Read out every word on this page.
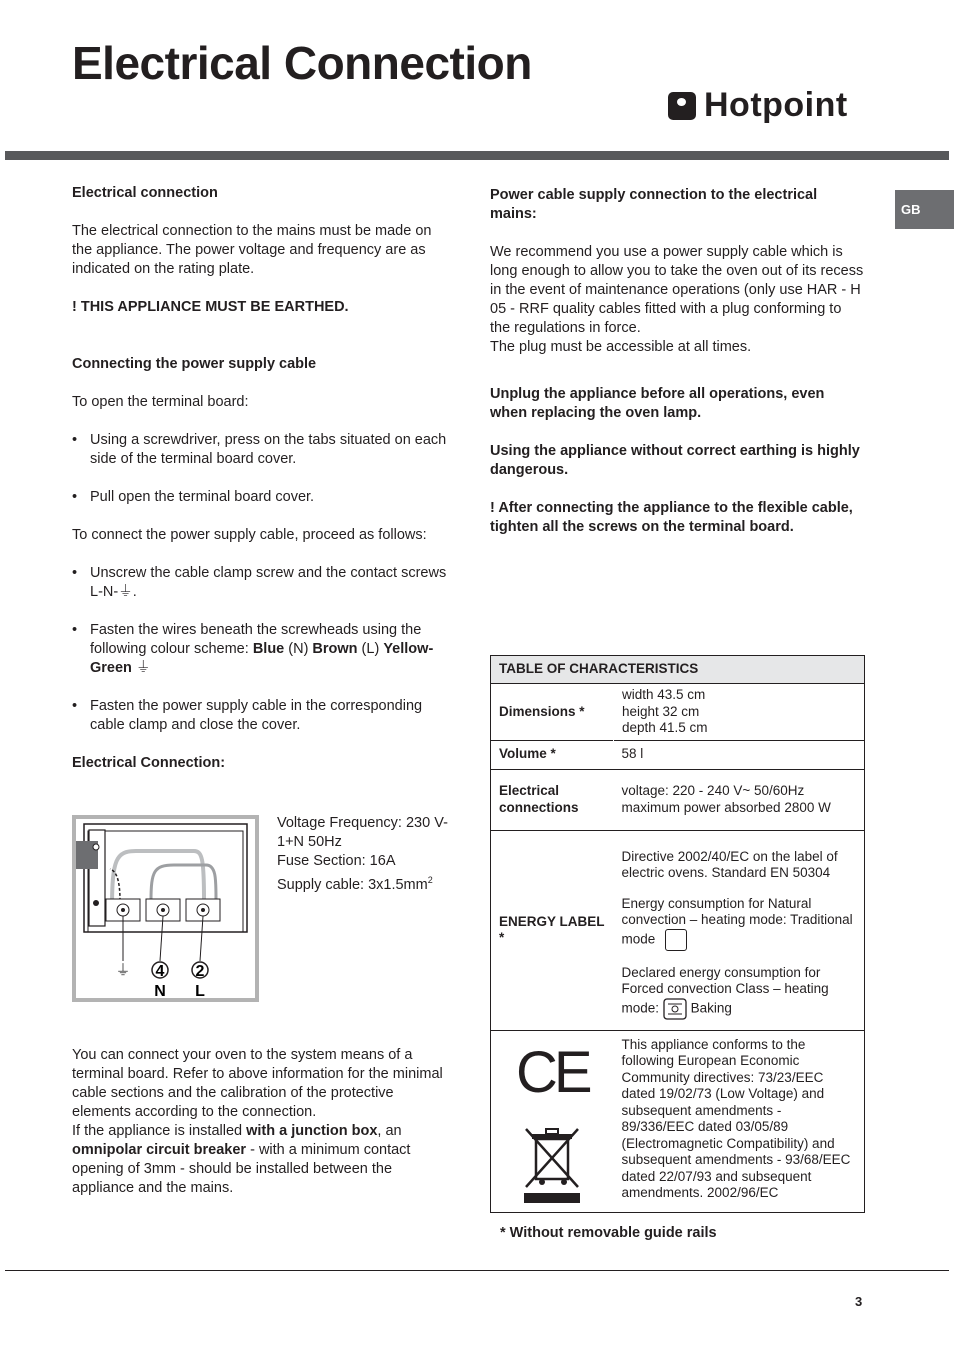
Electrical Connection
Hotpoint
GB

Electrical connection

The electrical connection to the mains must be made on the appliance. The power voltage and frequency are as indicated on the rating plate.

! THIS APPLIANCE MUST BE EARTHED.

Connecting the power supply cable

To open the terminal board:

• Using a screwdriver, press on the tabs situated on each side of the terminal board cover.

• Pull open the terminal board cover.

To connect the power supply cable, proceed as follows:

• Unscrew the cable clamp screw and the contact screws L-N-⏚.

• Fasten the wires beneath the screwheads using the following colour scheme: Blue (N) Brown (L) Yellow-Green ⏚

• Fasten the power supply cable in the corresponding cable clamp and close the cover.

Electrical Connection:

⏚ 4 2
N L

Voltage Frequency: 230 V-1+N 50Hz

Fuse Section: 16A

Supply cable: $3x1.5mm^2$

You can connect your oven to the system means of a terminal board. Refer to above information for the minimal cable sections and the calibration of the protective elements according to the connection.

If the appliance is installed with a junction box, an omnipolar circuit breaker - with a minimum contact opening of 3mm - should be installed between the appliance and the mains.

Power cable supply connection to the electrical mains:

We recommend you use a power supply cable which is long enough to allow you to take the oven out of its recess in the event of maintenance operations (only use HAR - H 05 - RRF quality cables fitted with a plug conforming to the regulations in force.

The plug must be accessible at all times.

Unplug the appliance before all operations, even when replacing the oven lamp.

Using the appliance without correct earthing is highly dangerous.

! After connecting the appliance to the flexible cable, tighten all the screws on the terminal board.

TABLE OF CHARACTERISTICS	
Dimensions *	width 43.5 cm
height 32 cm
depth 41.5 cm

Volume *	58 l
Electrical connections	voltage: 220 - 240 V~ 50/60Hz
maximum power absorbed 2800 W

ENERGY LABEL *	Directive 2002/40/EC on the label of electric ovens. Standard EN 50304
Energy consumption for Natural convection – heating mode: Traditional mode
Declared energy consumption for Forced convection Class – heating mode: Baking

CE	This appliance conforms to the following European Economic Community directives: 73/23/EEC dated 19/02/73 (Low Voltage) and subsequent amendments - 89/336/EEC dated 03/05/89 (Electromagnetic Compatibility) and subsequent amendments - 93/68/EEC dated 22/07/93 and subsequent amendments. 2002/96/EC
* Without removable guide rails
3
